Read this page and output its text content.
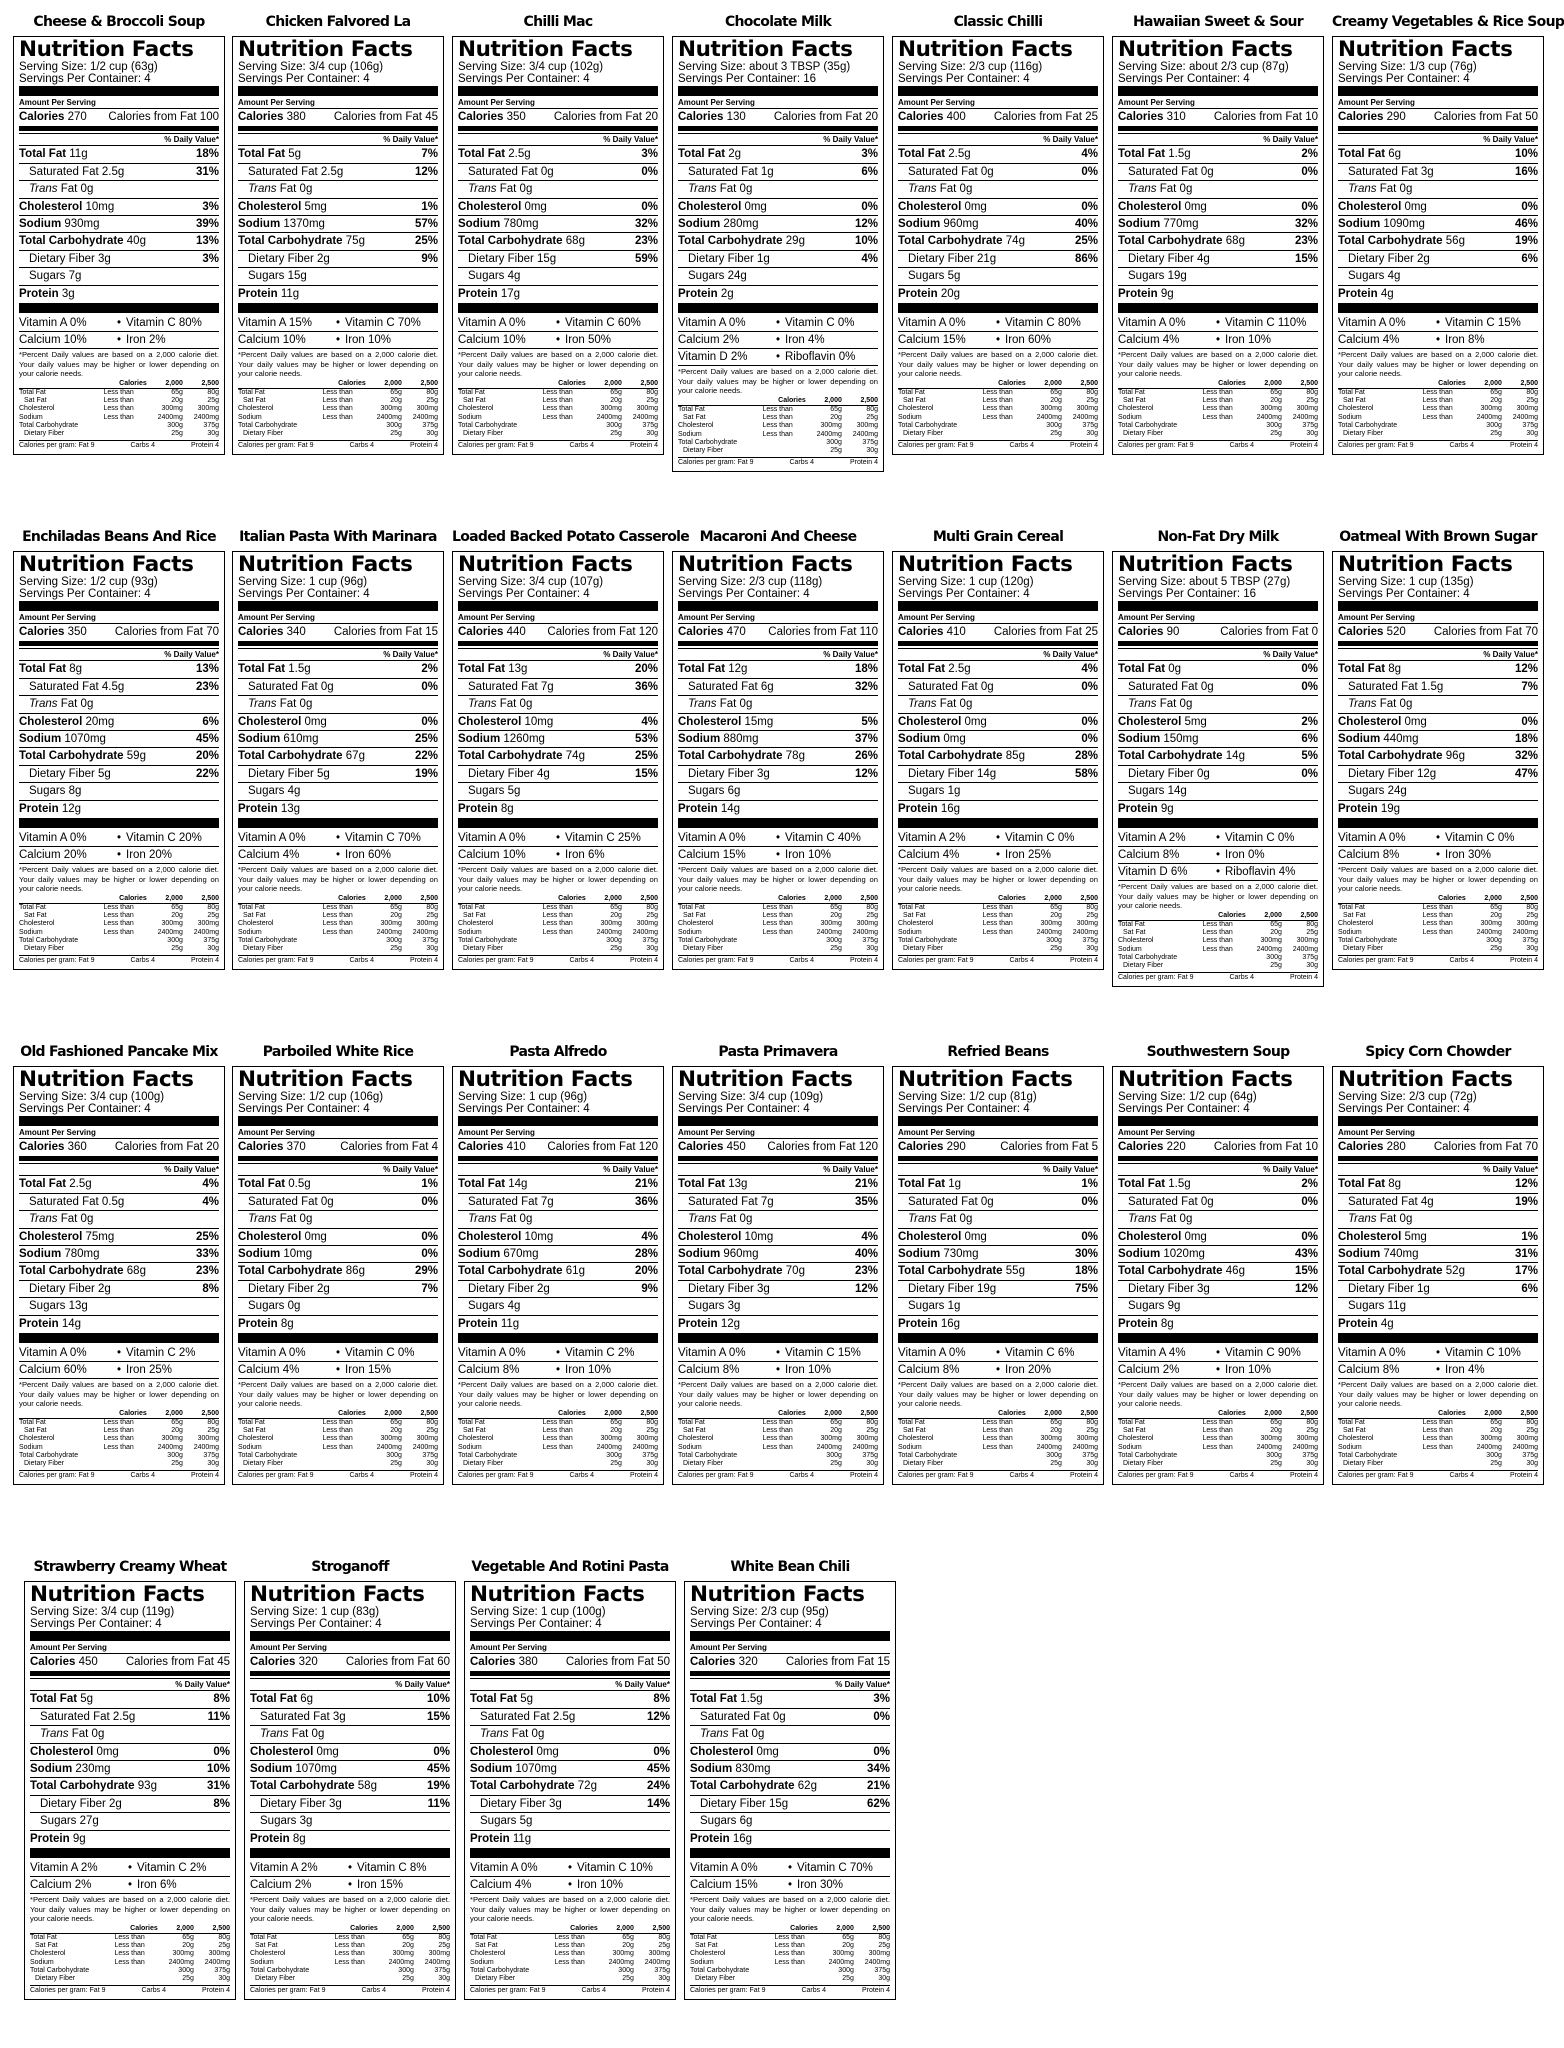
Cheese & Broccoli Soup
Nutrition Facts
Serving Size: 1/2 cup (63g)
Servings Per Container: 4
Amount Per Serving
Calories 270 Calories from Fat 100
% Daily Value*
Total Fat 11g	18%
Saturated Fat 2.5g	31%
Trans Fat 0g
Cholesterol 10mg	3%
Sodium 930mg	39%
Total Carbohydrate 40g	13%
Dietary Fiber 3g	3%
Sugars 7g
Protein 3g
Vitamin A 0%	• Vitamin C 80%
Calcium 10%	• Iron 2%
*Percent Daily values are based on a 2,000 calorie diet. Your daily values may be higher or lower depending on your calorie needs.
	Calories	2,000	2,500
Total Fat	Less than	65g	80g
Sat Fat	Less than	20g	25g
Cholesterol	Less than	300mg	300mg
Sodium	Less than	2400mg	2400mg
Total Carbohydrate		300g	375g
Dietary Fiber		25g	30g
Calories per gram: Fat 9	Carbs 4	Protein 4
Chicken Falvored La
Nutrition Facts
Serving Size: 3/4 cup (106g)
Servings Per Container: 4
Amount Per Serving
Calories 380 Calories from Fat 45
% Daily Value*
Total Fat 5g	7%
Saturated Fat 2.5g	12%
Trans Fat 0g
Cholesterol 5mg	1%
Sodium 1370mg	57%
Total Carbohydrate 75g	25%
Dietary Fiber 2g	9%
Sugars 15g
Protein 11g
Vitamin A 15%	• Vitamin C 70%
Calcium 10%	• Iron 10%
*Percent Daily values are based on a 2,000 calorie diet. Your daily values may be higher or lower depending on your calorie needs.
	Calories	2,000	2,500
Total Fat	Less than	65g	80g
Sat Fat	Less than	20g	25g
Cholesterol	Less than	300mg	300mg
Sodium	Less than	2400mg	2400mg
Total Carbohydrate		300g	375g
Dietary Fiber		25g	30g
Calories per gram: Fat 9	Carbs 4	Protein 4
Chilli Mac
Nutrition Facts
Serving Size: 3/4 cup (102g)
Servings Per Container: 4
Amount Per Serving
Calories 350 Calories from Fat 20
% Daily Value*
Total Fat 2.5g	3%
Saturated Fat 0g	0%
Trans Fat 0g
Cholesterol 0mg	0%
Sodium 780mg	32%
Total Carbohydrate 68g	23%
Dietary Fiber 15g	59%
Sugars 4g
Protein 17g
Vitamin A 0%	• Vitamin C 60%
Calcium 10%	• Iron 50%
*Percent Daily values are based on a 2,000 calorie diet. Your daily values may be higher or lower depending on your calorie needs.
	Calories	2,000	2,500
Total Fat	Less than	65g	80g
Sat Fat	Less than	20g	25g
Cholesterol	Less than	300mg	300mg
Sodium	Less than	2400mg	2400mg
Total Carbohydrate		300g	375g
Dietary Fiber		25g	30g
Calories per gram: Fat 9	Carbs 4	Protein 4
Chocolate Milk
Nutrition Facts
Serving Size: about 3 TBSP (35g)
Servings Per Container: 16
Amount Per Serving
Calories 130 Calories from Fat 20
% Daily Value*
Total Fat 2g	3%
Saturated Fat 1g	6%
Trans Fat 0g
Cholesterol 0mg	0%
Sodium 280mg	12%
Total Carbohydrate 29g	10%
Dietary Fiber 1g	4%
Sugars 24g
Protein 2g
Vitamin A 0%	• Vitamin C 0%
Calcium 2%	• Iron 4%
Vitamin D 2%	• Riboflavin 0%
*Percent Daily values are based on a 2,000 calorie diet. Your daily values may be higher or lower depending on your calorie needs.
	Calories	2,000	2,500
Total Fat	Less than	65g	80g
Sat Fat	Less than	20g	25g
Cholesterol	Less than	300mg	300mg
Sodium	Less than	2400mg	2400mg
Total Carbohydrate		300g	375g
Dietary Fiber		25g	30g
Calories per gram: Fat 9	Carbs 4	Protein 4
Classic Chilli
Nutrition Facts
Serving Size: 2/3 cup (116g)
Servings Per Container: 4
Amount Per Serving
Calories 400 Calories from Fat 25
% Daily Value*
Total Fat 2.5g	4%
Saturated Fat 0g	0%
Trans Fat 0g
Cholesterol 0mg	0%
Sodium 960mg	40%
Total Carbohydrate 74g	25%
Dietary Fiber 21g	86%
Sugars 5g
Protein 20g
Vitamin A 0%	• Vitamin C 80%
Calcium 15%	• Iron 60%
*Percent Daily values are based on a 2,000 calorie diet. Your daily values may be higher or lower depending on your calorie needs.
	Calories	2,000	2,500
Total Fat	Less than	65g	80g
Sat Fat	Less than	20g	25g
Cholesterol	Less than	300mg	300mg
Sodium	Less than	2400mg	2400mg
Total Carbohydrate		300g	375g
Dietary Fiber		25g	30g
Calories per gram: Fat 9	Carbs 4	Protein 4
Hawaiian Sweet & Sour
Nutrition Facts
Serving Size: about 2/3 cup (87g)
Servings Per Container: 4
Amount Per Serving
Calories 310 Calories from Fat 10
% Daily Value*
Total Fat 1.5g	2%
Saturated Fat 0g	0%
Trans Fat 0g
Cholesterol 0mg	0%
Sodium 770mg	32%
Total Carbohydrate 68g	23%
Dietary Fiber 4g	15%
Sugars 19g
Protein 9g
Vitamin A 0%	• Vitamin C 110%
Calcium 4%	• Iron 10%
*Percent Daily values are based on a 2,000 calorie diet. Your daily values may be higher or lower depending on your calorie needs.
	Calories	2,000	2,500
Total Fat	Less than	65g	80g
Sat Fat	Less than	20g	25g
Cholesterol	Less than	300mg	300mg
Sodium	Less than	2400mg	2400mg
Total Carbohydrate		300g	375g
Dietary Fiber		25g	30g
Calories per gram: Fat 9	Carbs 4	Protein 4
Creamy Vegetables & Rice Soup
Nutrition Facts
Serving Size: 1/3 cup (76g)
Servings Per Container: 4
Amount Per Serving
Calories 290 Calories from Fat 50
% Daily Value*
Total Fat 6g	10%
Saturated Fat 3g	16%
Trans Fat 0g
Cholesterol 0mg	0%
Sodium 1090mg	46%
Total Carbohydrate 56g	19%
Dietary Fiber 2g	6%
Sugars 4g
Protein 4g
Vitamin A 0%	• Vitamin C 15%
Calcium 4%	• Iron 8%
*Percent Daily values are based on a 2,000 calorie diet. Your daily values may be higher or lower depending on your calorie needs.
	Calories	2,000	2,500
Total Fat	Less than	65g	80g
Sat Fat	Less than	20g	25g
Cholesterol	Less than	300mg	300mg
Sodium	Less than	2400mg	2400mg
Total Carbohydrate		300g	375g
Dietary Fiber		25g	30g
Calories per gram: Fat 9	Carbs 4	Protein 4
Enchiladas Beans And Rice
Nutrition Facts
Serving Size: 1/2 cup (93g)
Servings Per Container: 4
Amount Per Serving
Calories 350 Calories from Fat 70
% Daily Value*
Total Fat 8g	13%
Saturated Fat 4.5g	23%
Trans Fat 0g
Cholesterol 20mg	6%
Sodium 1070mg	45%
Total Carbohydrate 59g	20%
Dietary Fiber 5g	22%
Sugars 8g
Protein 12g
Vitamin A 0%	• Vitamin C 20%
Calcium 20%	• Iron 20%
*Percent Daily values are based on a 2,000 calorie diet. Your daily values may be higher or lower depending on your calorie needs.
	Calories	2,000	2,500
Total Fat	Less than	65g	80g
Sat Fat	Less than	20g	25g
Cholesterol	Less than	300mg	300mg
Sodium	Less than	2400mg	2400mg
Total Carbohydrate		300g	375g
Dietary Fiber		25g	30g
Calories per gram: Fat 9	Carbs 4	Protein 4
Italian Pasta With Marinara
Nutrition Facts
Serving Size: 1 cup (96g)
Servings Per Container: 4
Amount Per Serving
Calories 340 Calories from Fat 15
% Daily Value*
Total Fat 1.5g	2%
Saturated Fat 0g	0%
Trans Fat 0g
Cholesterol 0mg	0%
Sodium 610mg	25%
Total Carbohydrate 67g	22%
Dietary Fiber 5g	19%
Sugars 4g
Protein 13g
Vitamin A 0%	• Vitamin C 70%
Calcium 4%	• Iron 60%
*Percent Daily values are based on a 2,000 calorie diet. Your daily values may be higher or lower depending on your calorie needs.
	Calories	2,000	2,500
Total Fat	Less than	65g	80g
Sat Fat	Less than	20g	25g
Cholesterol	Less than	300mg	300mg
Sodium	Less than	2400mg	2400mg
Total Carbohydrate		300g	375g
Dietary Fiber		25g	30g
Calories per gram: Fat 9	Carbs 4	Protein 4
Loaded Backed Potato Casserole
Nutrition Facts
Serving Size: 3/4 cup (107g)
Servings Per Container: 4
Amount Per Serving
Calories 440 Calories from Fat 120
% Daily Value*
Total Fat 13g	20%
Saturated Fat 7g	36%
Trans Fat 0g
Cholesterol 10mg	4%
Sodium 1260mg	53%
Total Carbohydrate 74g	25%
Dietary Fiber 4g	15%
Sugars 5g
Protein 8g
Vitamin A 0%	• Vitamin C 25%
Calcium 10%	• Iron 6%
*Percent Daily values are based on a 2,000 calorie diet. Your daily values may be higher or lower depending on your calorie needs.
	Calories	2,000	2,500
Total Fat	Less than	65g	80g
Sat Fat	Less than	20g	25g
Cholesterol	Less than	300mg	300mg
Sodium	Less than	2400mg	2400mg
Total Carbohydrate		300g	375g
Dietary Fiber		25g	30g
Calories per gram: Fat 9	Carbs 4	Protein 4
Macaroni And Cheese
Nutrition Facts
Serving Size: 2/3 cup (118g)
Servings Per Container: 4
Amount Per Serving
Calories 470 Calories from Fat 110
% Daily Value*
Total Fat 12g	18%
Saturated Fat 6g	32%
Trans Fat 0g
Cholesterol 15mg	5%
Sodium 880mg	37%
Total Carbohydrate 78g	26%
Dietary Fiber 3g	12%
Sugars 6g
Protein 14g
Vitamin A 0%	• Vitamin C 40%
Calcium 15%	• Iron 10%
*Percent Daily values are based on a 2,000 calorie diet. Your daily values may be higher or lower depending on your calorie needs.
	Calories	2,000	2,500
Total Fat	Less than	65g	80g
Sat Fat	Less than	20g	25g
Cholesterol	Less than	300mg	300mg
Sodium	Less than	2400mg	2400mg
Total Carbohydrate		300g	375g
Dietary Fiber		25g	30g
Calories per gram: Fat 9	Carbs 4	Protein 4
Multi Grain Cereal
Nutrition Facts
Serving Size: 1 cup (120g)
Servings Per Container: 4
Amount Per Serving
Calories 410 Calories from Fat 25
% Daily Value*
Total Fat 2.5g	4%
Saturated Fat 0g	0%
Trans Fat 0g
Cholesterol 0mg	0%
Sodium 0mg	0%
Total Carbohydrate 85g	28%
Dietary Fiber 14g	58%
Sugars 1g
Protein 16g
Vitamin A 2%	• Vitamin C 0%
Calcium 4%	• Iron 25%
*Percent Daily values are based on a 2,000 calorie diet. Your daily values may be higher or lower depending on your calorie needs.
	Calories	2,000	2,500
Total Fat	Less than	65g	80g
Sat Fat	Less than	20g	25g
Cholesterol	Less than	300mg	300mg
Sodium	Less than	2400mg	2400mg
Total Carbohydrate		300g	375g
Dietary Fiber		25g	30g
Calories per gram: Fat 9	Carbs 4	Protein 4
Non-Fat Dry Milk
Nutrition Facts
Serving Size: about 5 TBSP (27g)
Servings Per Container: 16
Amount Per Serving
Calories 90	Calories from Fat 0
% Daily Value*
Total Fat 0g	0%
Saturated Fat 0g	0%
Trans Fat 0g
Cholesterol 5mg	2%
Sodium 150mg	6%
Total Carbohydrate 14g	5%
Dietary Fiber 0g	0%
Sugars 14g
Protein 9g
Vitamin A 2%	• Vitamin C 0%
Calcium 8%	• Iron 0%
Vitamin D 6%	• Riboflavin 4%
*Percent Daily values are based on a 2,000 calorie diet. Your daily values may be higher or lower depending on your calorie needs.
	Calories	2,000	2,500
Total Fat	Less than	65g	80g
Sat Fat	Less than	20g	25g
Cholesterol	Less than	300mg	300mg
Sodium	Less than	2400mg	2400mg
Total Carbohydrate		300g	375g
Dietary Fiber		25g	30g
Calories per gram: Fat 9	Carbs 4	Protein 4
Oatmeal With Brown Sugar
Nutrition Facts
Serving Size: 1 cup (135g)
Servings Per Container: 4
Amount Per Serving
Calories 520 Calories from Fat 70
% Daily Value*
Total Fat 8g	12%
Saturated Fat 1.5g	7%
Trans Fat 0g
Cholesterol 0mg	0%
Sodium 440mg	18%
Total Carbohydrate 96g	32%
Dietary Fiber 12g	47%
Sugars 24g
Protein 19g
Vitamin A 0%	• Vitamin C 0%
Calcium 8%	• Iron 30%
*Percent Daily values are based on a 2,000 calorie diet. Your daily values may be higher or lower depending on your calorie needs.
	Calories	2,000	2,500
Total Fat	Less than	65g	80g
Sat Fat	Less than	20g	25g
Cholesterol	Less than	300mg	300mg
Sodium	Less than	2400mg	2400mg
Total Carbohydrate		300g	375g
Dietary Fiber		25g	30g
Calories per gram: Fat 9	Carbs 4	Protein 4
Old Fashioned Pancake Mix
Nutrition Facts
Serving Size: 3/4 cup (100g)
Servings Per Container: 4
Amount Per Serving
Calories 360 Calories from Fat 20
% Daily Value*
Total Fat 2.5g	4%
Saturated Fat 0.5g	4%
Trans Fat 0g
Cholesterol 75mg	25%
Sodium 780mg	33%
Total Carbohydrate 68g	23%
Dietary Fiber 2g	8%
Sugars 13g
Protein 14g
Vitamin A 0%	• Vitamin C 2%
Calcium 60%	• Iron 25%
*Percent Daily values are based on a 2,000 calorie diet. Your daily values may be higher or lower depending on your calorie needs.
	Calories	2,000	2,500
Total Fat	Less than	65g	80g
Sat Fat	Less than	20g	25g
Cholesterol	Less than	300mg	300mg
Sodium	Less than	2400mg	2400mg
Total Carbohydrate		300g	375g
Dietary Fiber		25g	30g
Calories per gram: Fat 9	Carbs 4	Protein 4
Parboiled White Rice
Nutrition Facts
Serving Size: 1/2 cup (106g)
Servings Per Container: 4
Amount Per Serving
Calories 370	Calories from Fat 4
% Daily Value*
Total Fat 0.5g	1%
Saturated Fat 0g	0%
Trans Fat 0g
Cholesterol 0mg	0%
Sodium 10mg	0%
Total Carbohydrate 86g	29%
Dietary Fiber 2g	7%
Sugars 0g
Protein 8g
Vitamin A 0%	• Vitamin C 0%
Calcium 4%	• Iron 15%
*Percent Daily values are based on a 2,000 calorie diet. Your daily values may be higher or lower depending on your calorie needs.
	Calories	2,000	2,500
Total Fat	Less than	65g	80g
Sat Fat	Less than	20g	25g
Cholesterol	Less than	300mg	300mg
Sodium	Less than	2400mg	2400mg
Total Carbohydrate		300g	375g
Dietary Fiber		25g	30g
Calories per gram: Fat 9	Carbs 4	Protein 4
Pasta Alfredo
Nutrition Facts
Serving Size: 1 cup (96g)
Servings Per Container: 4
Amount Per Serving
Calories 410 Calories from Fat 120
% Daily Value*
Total Fat 14g	21%
Saturated Fat 7g	36%
Trans Fat 0g
Cholesterol 10mg	4%
Sodium 670mg	28%
Total Carbohydrate 61g	20%
Dietary Fiber 2g	9%
Sugars 4g
Protein 11g
Vitamin A 0%	• Vitamin C 2%
Calcium 8%	• Iron 10%
*Percent Daily values are based on a 2,000 calorie diet. Your daily values may be higher or lower depending on your calorie needs.
	Calories	2,000	2,500
Total Fat	Less than	65g	80g
Sat Fat	Less than	20g	25g
Cholesterol	Less than	300mg	300mg
Sodium	Less than	2400mg	2400mg
Total Carbohydrate		300g	375g
Dietary Fiber		25g	30g
Calories per gram: Fat 9	Carbs 4	Protein 4
Pasta Primavera
Nutrition Facts
Serving Size: 3/4 cup (109g)
Servings Per Container: 4
Amount Per Serving
Calories 450 Calories from Fat 120
% Daily Value*
Total Fat 13g	21%
Saturated Fat 7g	35%
Trans Fat 0g
Cholesterol 10mg	4%
Sodium 960mg	40%
Total Carbohydrate 70g	23%
Dietary Fiber 3g	12%
Sugars 3g
Protein 12g
Vitamin A 0%	• Vitamin C 15%
Calcium 8%	• Iron 10%
*Percent Daily values are based on a 2,000 calorie diet. Your daily values may be higher or lower depending on your calorie needs.
	Calories	2,000	2,500
Total Fat	Less than	65g	80g
Sat Fat	Less than	20g	25g
Cholesterol	Less than	300mg	300mg
Sodium	Less than	2400mg	2400mg
Total Carbohydrate		300g	375g
Dietary Fiber		25g	30g
Calories per gram: Fat 9	Carbs 4	Protein 4
Refried Beans
Nutrition Facts
Serving Size: 1/2 cup (81g)
Servings Per Container: 4
Amount Per Serving
Calories 290	Calories from Fat 5
% Daily Value*
Total Fat 1g	1%
Saturated Fat 0g	0%
Trans Fat 0g
Cholesterol 0mg	0%
Sodium 730mg	30%
Total Carbohydrate 55g	18%
Dietary Fiber 19g	75%
Sugars 1g
Protein 16g
Vitamin A 0%	• Vitamin C 6%
Calcium 8%	• Iron 20%
*Percent Daily values are based on a 2,000 calorie diet. Your daily values may be higher or lower depending on your calorie needs.
	Calories	2,000	2,500
Total Fat	Less than	65g	80g
Sat Fat	Less than	20g	25g
Cholesterol	Less than	300mg	300mg
Sodium	Less than	2400mg	2400mg
Total Carbohydrate		300g	375g
Dietary Fiber		25g	30g
Calories per gram: Fat 9	Carbs 4	Protein 4
Southwestern Soup
Nutrition Facts
Serving Size: 1/2 cup (64g)
Servings Per Container: 4
Amount Per Serving
Calories 220 Calories from Fat 10
% Daily Value*
Total Fat 1.5g	2%
Saturated Fat 0g	0%
Trans Fat 0g
Cholesterol 0mg	0%
Sodium 1020mg	43%
Total Carbohydrate 46g	15%
Dietary Fiber 3g	12%
Sugars 9g
Protein 8g
Vitamin A 4%	• Vitamin C 90%
Calcium 2%	• Iron 10%
*Percent Daily values are based on a 2,000 calorie diet. Your daily values may be higher or lower depending on your calorie needs.
	Calories	2,000	2,500
Total Fat	Less than	65g	80g
Sat Fat	Less than	20g	25g
Cholesterol	Less than	300mg	300mg
Sodium	Less than	2400mg	2400mg
Total Carbohydrate		300g	375g
Dietary Fiber		25g	30g
Calories per gram: Fat 9	Carbs 4	Protein 4
Spicy Corn Chowder
Nutrition Facts
Serving Size: 2/3 cup (72g)
Servings Per Container: 4
Amount Per Serving
Calories 280 Calories from Fat 70
% Daily Value*
Total Fat 8g	12%
Saturated Fat 4g	19%
Trans Fat 0g
Cholesterol 5mg	1%
Sodium 740mg	31%
Total Carbohydrate 52g	17%
Dietary Fiber 1g	6%
Sugars 11g
Protein 4g
Vitamin A 0%	• Vitamin C 10%
Calcium 8%	• Iron 4%
*Percent Daily values are based on a 2,000 calorie diet. Your daily values may be higher or lower depending on your calorie needs.
	Calories	2,000	2,500
Total Fat	Less than	65g	80g
Sat Fat	Less than	20g	25g
Cholesterol	Less than	300mg	300mg
Sodium	Less than	2400mg	2400mg
Total Carbohydrate		300g	375g
Dietary Fiber		25g	30g
Calories per gram: Fat 9	Carbs 4	Protein 4
Strawberry Creamy Wheat
Nutrition Facts
Serving Size: 3/4 cup (119g)
Servings Per Container: 4
Amount Per Serving
Calories 450 Calories from Fat 45
% Daily Value*
Total Fat 5g	8%
Saturated Fat 2.5g	11%
Trans Fat 0g
Cholesterol 0mg	0%
Sodium 230mg	10%
Total Carbohydrate 93g	31%
Dietary Fiber 2g	8%
Sugars 27g
Protein 9g
Vitamin A 2%	• Vitamin C 2%
Calcium 2%	• Iron 6%
*Percent Daily values are based on a 2,000 calorie diet. Your daily values may be higher or lower depending on your calorie needs.
	Calories	2,000	2,500
Total Fat	Less than	65g	80g
Sat Fat	Less than	20g	25g
Cholesterol	Less than	300mg	300mg
Sodium	Less than	2400mg	2400mg
Total Carbohydrate		300g	375g
Dietary Fiber		25g	30g
Calories per gram: Fat 9	Carbs 4	Protein 4
Stroganoff
Nutrition Facts
Serving Size: 1 cup (83g)
Servings Per Container: 4
Amount Per Serving
Calories 320 Calories from Fat 60
% Daily Value*
Total Fat 6g	10%
Saturated Fat 3g	15%
Trans Fat 0g
Cholesterol 0mg	0%
Sodium 1070mg	45%
Total Carbohydrate 58g	19%
Dietary Fiber 3g	11%
Sugars 3g
Protein 8g
Vitamin A 2%	• Vitamin C 8%
Calcium 2%	• Iron 15%
*Percent Daily values are based on a 2,000 calorie diet. Your daily values may be higher or lower depending on your calorie needs.
	Calories	2,000	2,500
Total Fat	Less than	65g	80g
Sat Fat	Less than	20g	25g
Cholesterol	Less than	300mg	300mg
Sodium	Less than	2400mg	2400mg
Total Carbohydrate		300g	375g
Dietary Fiber		25g	30g
Calories per gram: Fat 9	Carbs 4	Protein 4
Vegetable And Rotini Pasta
Nutrition Facts
Serving Size: 1 cup (100g)
Servings Per Container: 4
Amount Per Serving
Calories 380 Calories from Fat 50
% Daily Value*
Total Fat 5g	8%
Saturated Fat 2.5g	12%
Trans Fat 0g
Cholesterol 0mg	0%
Sodium 1070mg	45%
Total Carbohydrate 72g	24%
Dietary Fiber 3g	14%
Sugars 5g
Protein 11g
Vitamin A 0%	• Vitamin C 10%
Calcium 4%	• Iron 10%
*Percent Daily values are based on a 2,000 calorie diet. Your daily values may be higher or lower depending on your calorie needs.
	Calories	2,000	2,500
Total Fat	Less than	65g	80g
Sat Fat	Less than	20g	25g
Cholesterol	Less than	300mg	300mg
Sodium	Less than	2400mg	2400mg
Total Carbohydrate		300g	375g
Dietary Fiber		25g	30g
Calories per gram: Fat 9	Carbs 4	Protein 4
White Bean Chili
Nutrition Facts
Serving Size: 2/3 cup (95g)
Servings Per Container: 4
Amount Per Serving
Calories 320 Calories from Fat 15
% Daily Value*
Total Fat 1.5g	3%
Saturated Fat 0g	0%
Trans Fat 0g
Cholesterol 0mg	0%
Sodium 830mg	34%
Total Carbohydrate 62g	21%
Dietary Fiber 15g	62%
Sugars 6g
Protein 16g
Vitamin A 0%	• Vitamin C 70%
Calcium 15%	• Iron 30%
*Percent Daily values are based on a 2,000 calorie diet. Your daily values may be higher or lower depending on your calorie needs.
	Calories	2,000	2,500
Total Fat	Less than	65g	80g
Sat Fat	Less than	20g	25g
Cholesterol	Less than	300mg	300mg
Sodium	Less than	2400mg	2400mg
Total Carbohydrate		300g	375g
Dietary Fiber		25g	30g
Calories per gram: Fat 9	Carbs 4	Protein 4
